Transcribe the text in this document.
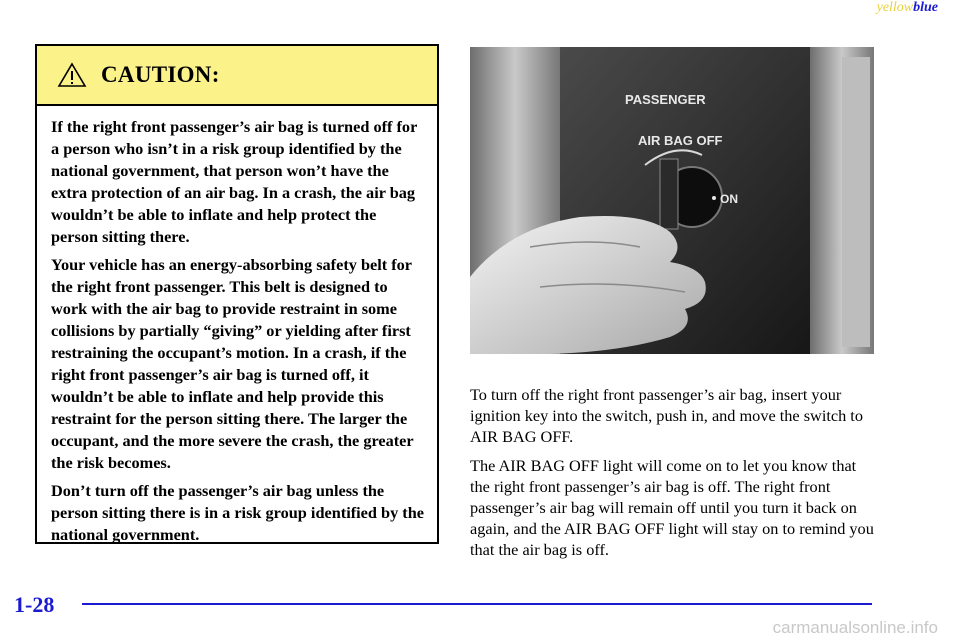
yellowblue
CAUTION:

If the right front passenger’s air bag is turned off for a person who isn’t in a risk group identified by the national government, that person won’t have the extra protection of an air bag. In a crash, the air bag wouldn’t be able to inflate and help protect the person sitting there.

Your vehicle has an energy-absorbing safety belt for the right front passenger. This belt is designed to work with the air bag to provide restraint in some collisions by partially “giving” or yielding after first restraining the occupant’s motion. In a crash, if the right front passenger’s air bag is turned off, it wouldn’t be able to inflate and help provide this restraint for the person sitting there. The larger the occupant, and the more severe the crash, the greater the risk becomes.

Don’t turn off the passenger’s air bag unless the person sitting there is in a risk group identified by the national government.

PASSENGER
AIR BAG OFF
ON

To turn off the right front passenger’s air bag, insert your ignition key into the switch, push in, and move the switch to AIR BAG OFF.

The AIR BAG OFF light will come on to let you know that the right front passenger’s air bag is off. The right front passenger’s air bag will remain off until you turn it back on again, and the AIR BAG OFF light will stay on to remind you that the air bag is off.

1-28
carmanualsonline.info
